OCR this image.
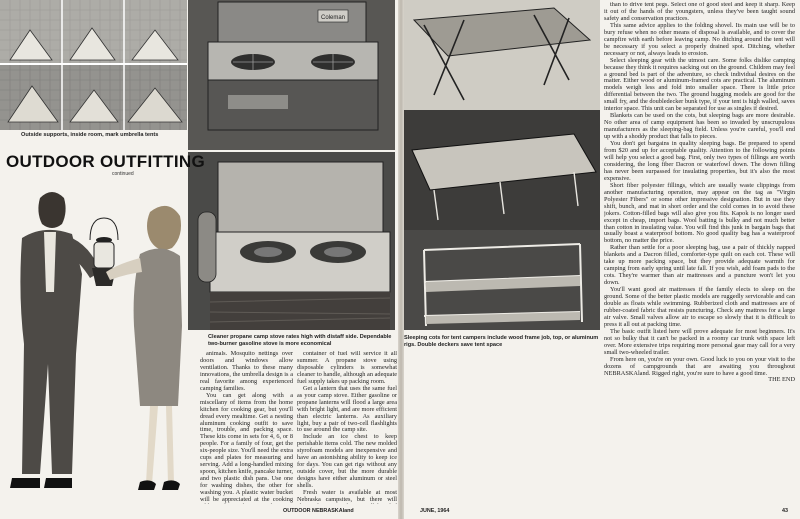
Outside supports, inside room, mark umbrella tents
Coleman
Cleaner propane camp stove rates high with distaff side. Dependable two-burner gasoline stove is more economical
OUTDOOR OUTFITTING
continued

animals. Mosquito nettings over doors and windows allow ventilation. Thanks to these many innovations, the umbrella design is a real favorite among experienced camping families.

You can get along with a miscellany of items from the home kitchen for cooking gear, but you'll dread every mealtime. Get a nesting aluminum cooking outfit to save time, trouble, and packing space. These kits come in sets for 4, 6, or 8 people. For a family of four, get the six-people size. You'll need the extra cups and plates for measuring and serving. Add a long-handled mixing spoon, kitchen knife, pancake turner, and two plastic dish pans. Use one for washing dishes, the other for washing you. A plastic water bucket will be appreciated at the cooking

container of fuel will service it all summer. A propane stove using disposable cylinders is somewhat cleaner to handle, although an adequate fuel supply takes up packing room.

Get a lantern that uses the same fuel as your camp stove. Either gasoline or propane lanterns will flood a large area with bright light, and are more efficient than electric lanterns. As auxiliary light, buy a pair of two-cell flashlights to use around the camp site.

Include an ice chest to keep perishable items cold. The new molded styrofoam models are inexpensive and have an astonishing ability to keep ice for days. You can get rigs without any outside cover, but the more durable designs have either aluminum or steel shells.

Fresh water is available at most Nebraska campsites, but there will

OUTDOOR NEBRASKAland
Sleeping cots for tent campers include wood frame job, top, or aluminum rigs. Double deckers save tent space

than to drive tent pegs. Select one of good steel and keep it sharp. Keep it out of the hands of the youngsters, unless they've been taught sound safety and conservation practices.

This same advice applies to the folding shovel. Its main use will be to bury refuse when no other means of disposal is available, and to cover the campfire with earth before leaving camp. No ditching around the tent will be necessary if you select a properly drained spot. Ditching, whether necessary or not, always leads to erosion.

Select sleeping gear with the utmost care. Some folks dislike camping because they think it requires sacking out on the ground. Children may feel a ground bed is part of the adventure, so check individual desires on the matter. Either wood or aluminum-framed cots are practical. The aluminum models weigh less and fold into smaller space. There is little price differential between the two. The ground hugging models are good for the small fry, and the doubledecker bunk type, if your tent is high walled, saves interior space. This unit can be separated for use as singles if desired.

Blankets can be used on the cots, but sleeping bags are more desirable. No other area of camp equipment has been so invaded by unscrupulous manufacturers as the sleeping-bag field. Unless you're careful, you'll end up with a shoddy product that falls to pieces.

You don't get bargains in quality sleeping bags. Be prepared to spend from $20 and up for acceptable quality. Attention to the following points will help you select a good bag. First, only two types of fillings are worth considering, the long fiber Dacron or waterfowl down. The down filling has never been surpassed for insulating properties, but it's also the most expensive.

Short fiber polyester fillings, which are usually waste clippings from another manufacturing operation, may appear on the tag as "Virgin Polyester Fibers" or some other impressive designation. But in use they shift, bunch, and mat in short order and the cold comes in to avoid these jokers. Cotton-filled bags will also give you fits. Kapok is no longer used except in cheap, import bags. Wool batting is bulky and not much better than cotton in insulating value. You will find this junk in bargain bags that usually boast a waterproof bottom. No good quality bag has a waterproof bottom, no matter the price.

Rather than settle for a poor sleeping bag, use a pair of thickly napped blankets and a Dacron filled, comforter-type quilt on each cot. These will take up more packing space, but they provide adequate warmth for camping from early spring until late fall. If you wish, add foam pads to the cots. They're warmer than air mattresses and a puncture won't let you down.

You'll want good air mattresses if the family elects to sleep on the ground. Some of the better plastic models are ruggedly serviceable and can double as floats while swimming. Rubberized cloth and mattresses are of rubber-coated fabric that resists puncturing. Check any mattress for a large air valve. Small valves allow air to escape so slowly that it is difficult to press it all out at packing time.

The basic outfit listed here will prove adequate for most beginners. It's not so bulky that it can't be packed in a roomy car trunk with space left over. More extensive trips requiring more personal gear may call for a very small two-wheeled trailer.

From here on, you're on your own. Good luck to you on your visit to the dozens of campgrounds that are awaiting you throughout NEBRASKAland. Rigged right, you're sure to have a good time.

THE END

JUNE, 1964	43
